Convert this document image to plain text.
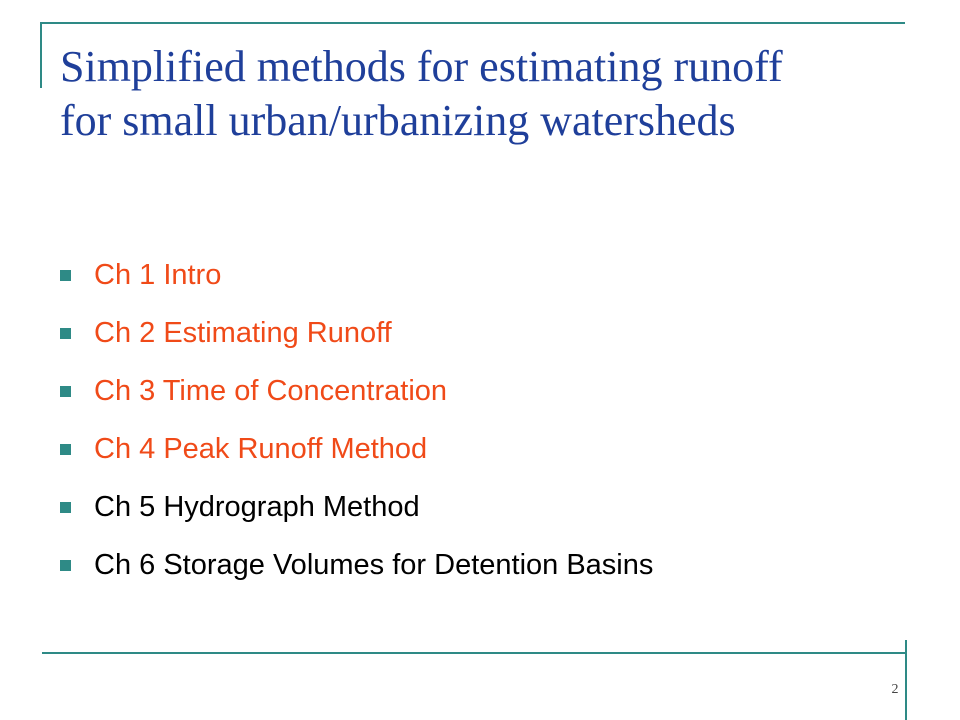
Simplified methods for estimating runoff
for small urban/urbanizing watersheds
Ch 1 Intro
Ch 2 Estimating Runoff
Ch 3 Time of Concentration
Ch 4 Peak Runoff Method
Ch 5 Hydrograph Method
Ch 6 Storage Volumes for Detention Basins
2
